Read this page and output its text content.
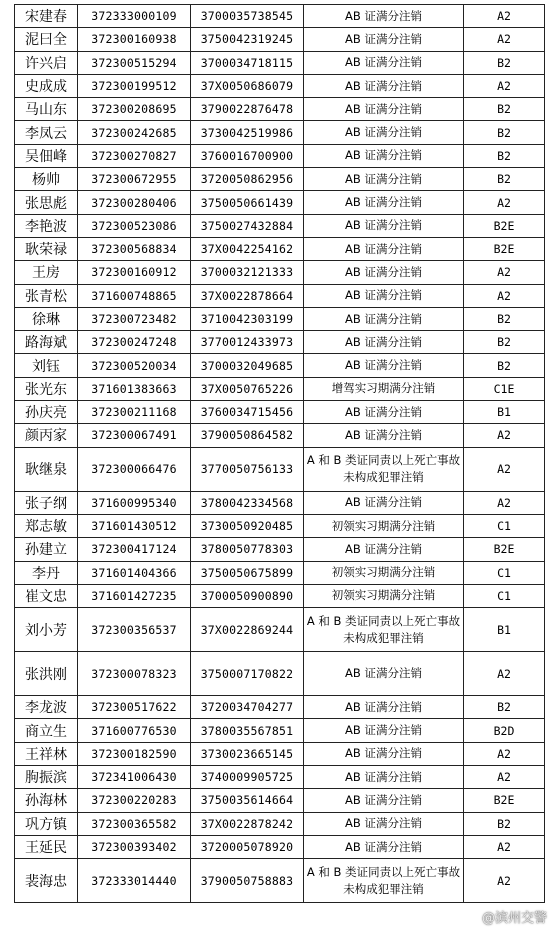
宋建春	372333000109	3700035738545	AB 证满分注销	A2
泥曰全	372300160938	3750042319245	AB 证满分注销	A2
许兴启	372300515294	3700034718115	AB 证满分注销	B2
史成成	372300199512	37X0050686079	AB 证满分注销	A2
马山东	372300208695	3790022876478	AB 证满分注销	B2
李凤云	372300242685	3730042519986	AB 证满分注销	B2
吴佃峰	372300270827	3760016700900	AB 证满分注销	B2
杨帅	372300672955	3720050862956	AB 证满分注销	B2
张思彪	372300280406	3750050661439	AB 证满分注销	A2
李艳波	372300523086	3750027432884	AB 证满分注销	B2E
耿荣禄	372300568834	37X0042254162	AB 证满分注销	B2E
王房	372300160912	3700032121333	AB 证满分注销	A2
张青松	371600748865	37X0022878664	AB 证满分注销	A2
徐琳	372300723482	3710042303199	AB 证满分注销	B2
路海斌	372300247248	3770012433973	AB 证满分注销	B2
刘钰	372300520034	3700032049685	AB 证满分注销	B2
张光东	371601383663	37X0050765226	增驾实习期满分注销	C1E
孙庆亮	372300211168	3760034715456	AB 证满分注销	B1
颜丙家	372300067491	3790050864582	AB 证满分注销	A2
耿继泉	372300066476	3770050756133	A 和 B 类证同责以上死亡事故未构成犯罪注销	A2
张子纲	371600995340	3780042334568	AB 证满分注销	A2
郑志敏	371601430512	3730050920485	初领实习期满分注销	C1
孙建立	372300417124	3780050778303	AB 证满分注销	B2E
李丹	371601404366	3750050675899	初领实习期满分注销	C1
崔文忠	371601427235	3700050900890	初领实习期满分注销	C1
刘小芳	372300356537	37X0022869244	A 和 B 类证同责以上死亡事故未构成犯罪注销	B1
张洪刚	372300078323	3750007170822	AB 证满分注销	A2
李龙波	372300517622	3720034704277	AB 证满分注销	B2
商立生	371600776530	3780035567851	AB 证满分注销	B2D
王祥林	372300182590	3730023665145	AB 证满分注销	A2
朐振滨	372341006430	3740009905725	AB 证满分注销	A2
孙海林	372300220283	3750035614664	AB 证满分注销	B2E
巩方镇	372300365582	37X0022878242	AB 证满分注销	B2
王延民	372300393402	3720005078920	AB 证满分注销	A2
裴海忠	372333014440	3790050758883	A 和 B 类证同责以上死亡事故未构成犯罪注销	A2
@滨州交警
